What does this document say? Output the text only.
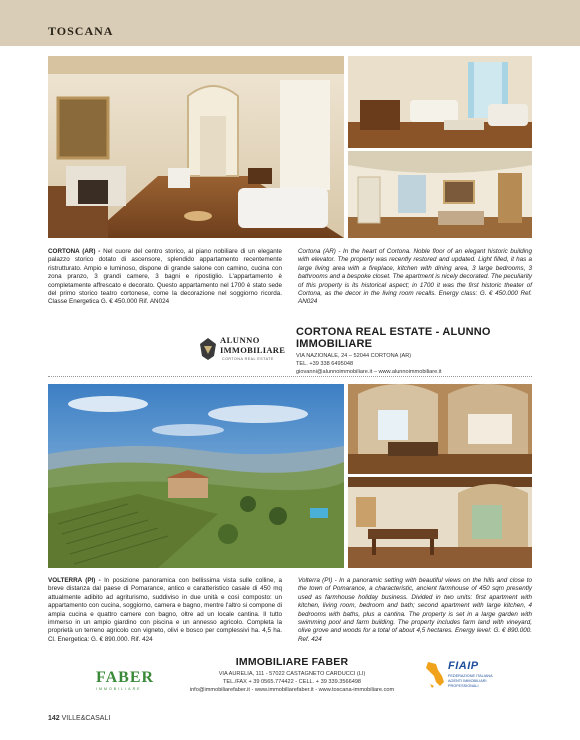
TOSCANA
CORTONA (AR) - Nel cuore del centro storico, al piano nobiliare di un elegante palazzo storico dotato di ascensore, splendido appartamento recentemente ristrutturato. Ampio e luminoso, dispone di grande salone con camino, cucina con zona pranzo, 3 grandi camere, 3 bagni e ripostiglio. L'appartamento è completamente affrescato e decorato. Questo appartamento nel 1700 è stato sede del primo storico teatro cortonese, come la decorazione nel soggiorno ricorda. Classe Energetica G. € 450.000 Rif. AN024
Cortona (AR) - In the heart of Cortona. Noble floor of an elegant historic building with elevator. The property was recently restored and updated. Light filled, it has a large living area with a fireplace, kitchen with dining area, 3 large bedrooms, 3 bathrooms and a bespoke closet. The apartment is nicely decorated. The peculiarity of this property is its historical aspect; in 1700 it was the first historic theater of Cortona, as the decor in the living room recalls. Energy class: G. € 450.000 Ref. AN024
ALUNNO
IMMOBILIARE
CORTONA REAL ESTATE
CORTONA REAL ESTATE - ALUNNO IMMOBILIARE
VIA NAZIONALE, 24 – 52044 CORTONA (AR)
TEL. +39 338 6495048
giovanni@alunnoimmobiliare.it – www.alunnoimmobiliare.it
VOLTERRA (PI) - In posizione panoramica con bellissima vista sulle colline, a breve distanza dal paese di Pomarance, antico e caratteristico casale di 450 mq attualmente adibito ad agriturismo, suddiviso in due unità e così composto: un appartamento con cucina, soggiorno, camera e bagno, mentre l'altro si compone di ampia cucina e quattro camere con bagno, oltre ad un locale cantina. Il tutto immerso in un ampio giardino con piscina e un annesso agricolo. Completa la proprietà un terreno agricolo con vigneto, olivi e bosco per complessivi ha. 4,5 ha. Cl. Energetica: G. € 890.000. Rif. 424
Volterra (PI) - In a panoramic setting with beautiful views on the hills and close to the town of Pomarance, a characteristic, ancient farmhouse of 450 sqm presently used as farmhouse holiday business. Divided in two units: first apartment with kitchen, living room, bedroom and bath; second apartment with large kitchen, 4 bedrooms with baths, plus a cantina. The property is set in a large garden with swimming pool and farm building. The property includes farm land with vineyard, olive grove and woods for a total of about 4,5 hectares. Energy level: G. € 890.000. Ref. 424
FABER
IMMOBILIARE
IMMOBILIARE FABER
VIA AURELIA, 111 - 57022 CASTAGNETO CARDUCCI (LI)
TEL./FAX + 39 0565.774422 - CELL. + 39 339.3566498
info@immobiliarefaber.it - www.immobiliarefaber.it - www.toscana-immobiliare.com
FIAIP
FEDERAZIONE ITALIANA
AGENTI IMMOBILIARI
PROFESSIONALI
142 VILLE&CASALI
